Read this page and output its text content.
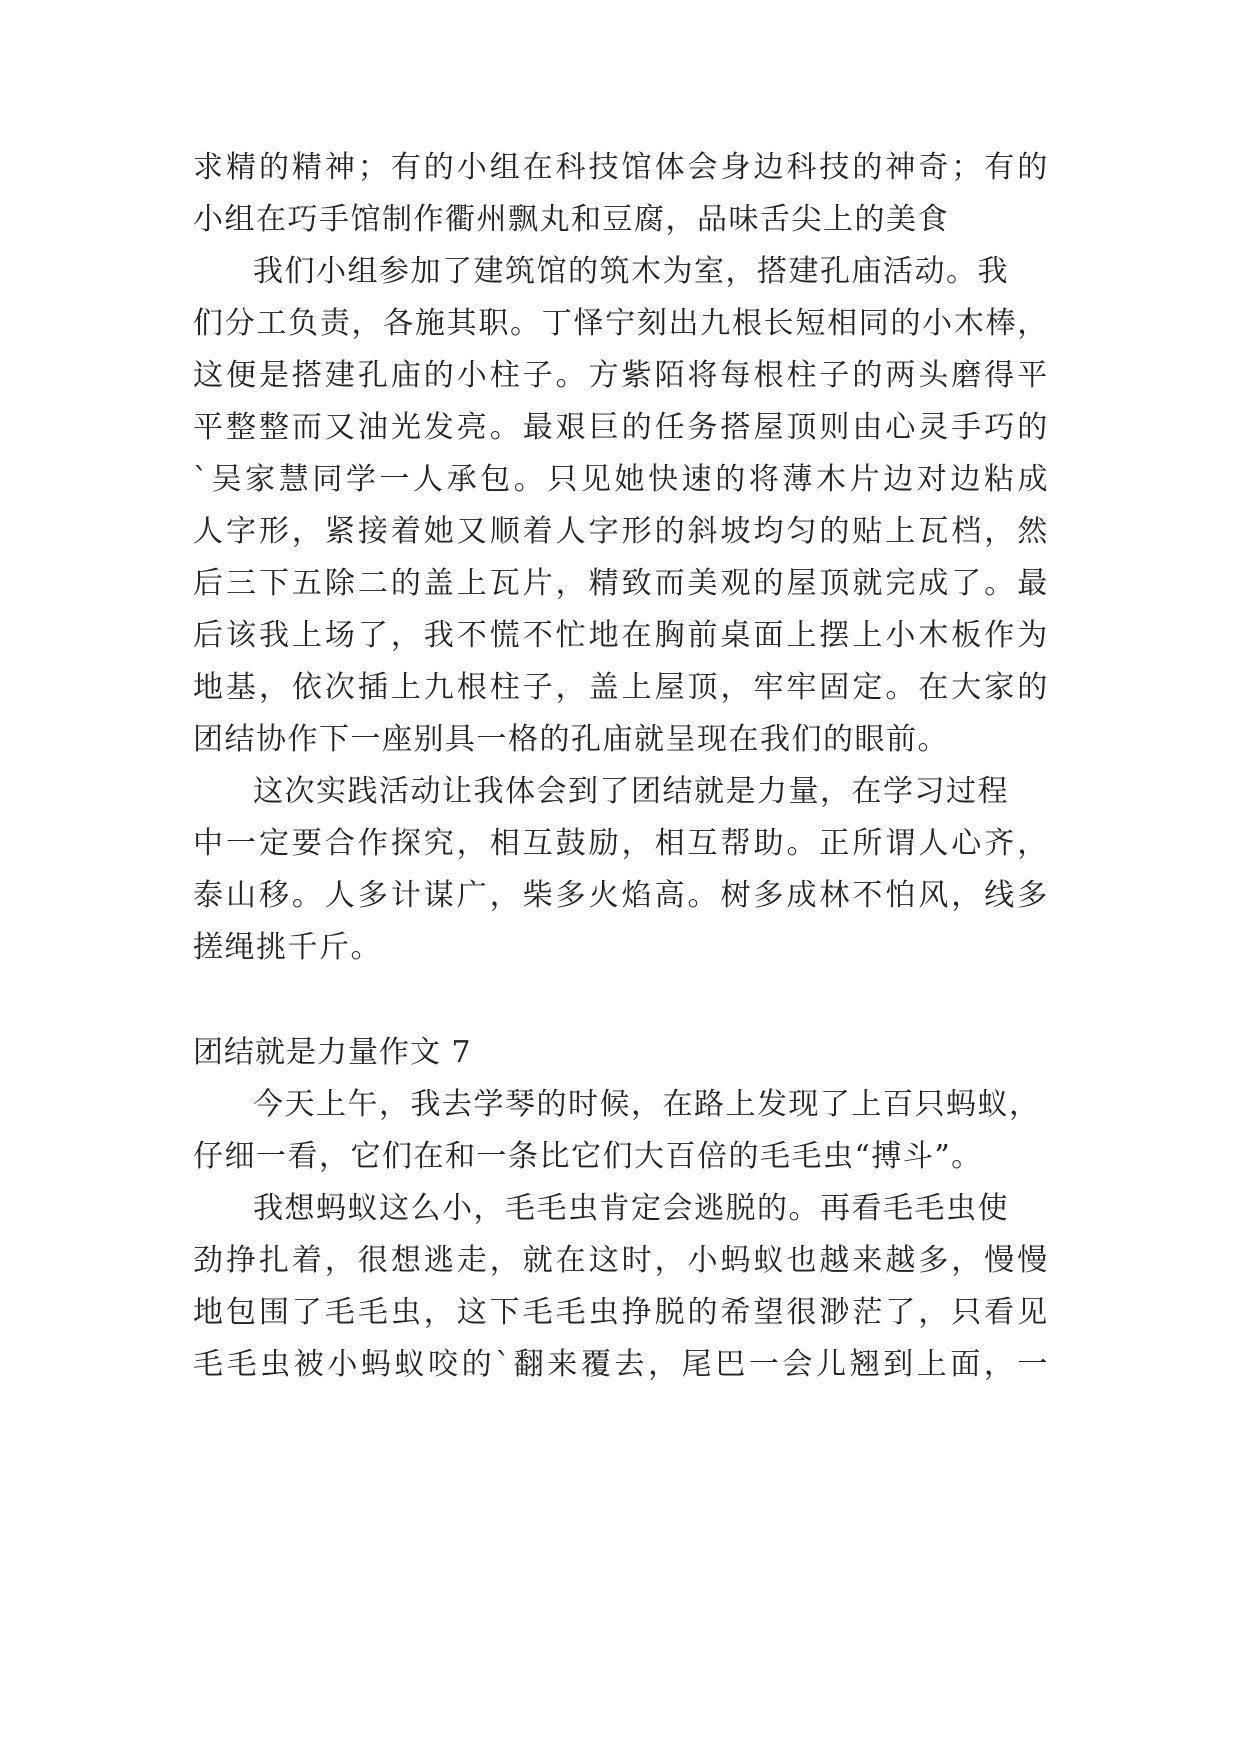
求 精 的 精 神 ； 有 的 小 组 在 科 技 馆 体 会 身 边 科 技 的 神 奇 ； 有 的
小组在巧手馆制作衢州飘丸和豆腐，品味舌尖上的美食
我们小组参加了建筑馆的筑木为室，搭建孔庙活动。我
们 分 工 负 责 ， 各 施 其 职 。 丁 怿 宁 刻 出 九 根 长 短 相 同 的 小 木 棒 ，
这 便 是 搭 建 孔 庙 的 小 柱 子 。 方 紫 陌 将 每 根 柱 子 的 两 头 磨 得 平
平 整 整 而 又 油 光 发 亮 。 最 艰 巨 的 任 务 搭 屋 顶 则 由 心 灵 手 巧 的
` 吴 家 慧 同 学 一 人 承 包 。 只 见 她 快 速 的 将 薄 木 片 边 对 边 粘 成
人 字 形 ， 紧 接 着 她 又 顺 着 人 字 形 的 斜 坡 均 匀 的 贴 上 瓦 档 ， 然
后 三 下 五 除 二 的 盖 上 瓦 片 ， 精 致 而 美 观 的 屋 顶 就 完 成 了 。 最
后 该 我 上 场 了 ， 我 不 慌 不 忙 地 在 胸 前 桌 面 上 摆 上 小 木 板 作 为
地 基 ， 依 次 插 上 九 根 柱 子 ， 盖 上 屋 顶 ， 牢 牢 固 定 。 在 大 家 的
团结协作下一座别具一格的孔庙就呈现在我们的眼前。
这次实践活动让我体会到了团结就是力量，在学习过程
中 一 定 要 合 作 探 究 ， 相 互 鼓 励 ， 相 互 帮 助 。 正 所 谓 人 心 齐 ，
泰 山 移 。 人 多 计 谋 广 ， 柴 多 火 焰 高 。 树 多 成 林 不 怕 风 ， 线 多
搓绳挑千斤。
团结就是力量作文 7
今天上午，我去学琴的时候，在路上发现了上百只蚂蚁，
仔细一看，它们在和一条比它们大百倍的毛毛虫“搏斗”。
我想蚂蚁这么小，毛毛虫肯定会逃脱的。再看毛毛虫使
劲 挣 扎 着 ， 很 想 逃 走 ， 就 在 这 时 ， 小 蚂 蚁 也 越 来 越 多 ， 慢 慢
地 包 围 了 毛 毛 虫 ， 这 下 毛 毛 虫 挣 脱 的 希 望 很 渺 茫 了 ， 只 看 见
毛 毛 虫 被 小 蚂 蚁 咬 的 ` 翻 来 覆 去 ， 尾 巴 一 会 儿 翘 到 上 面 ， 一
